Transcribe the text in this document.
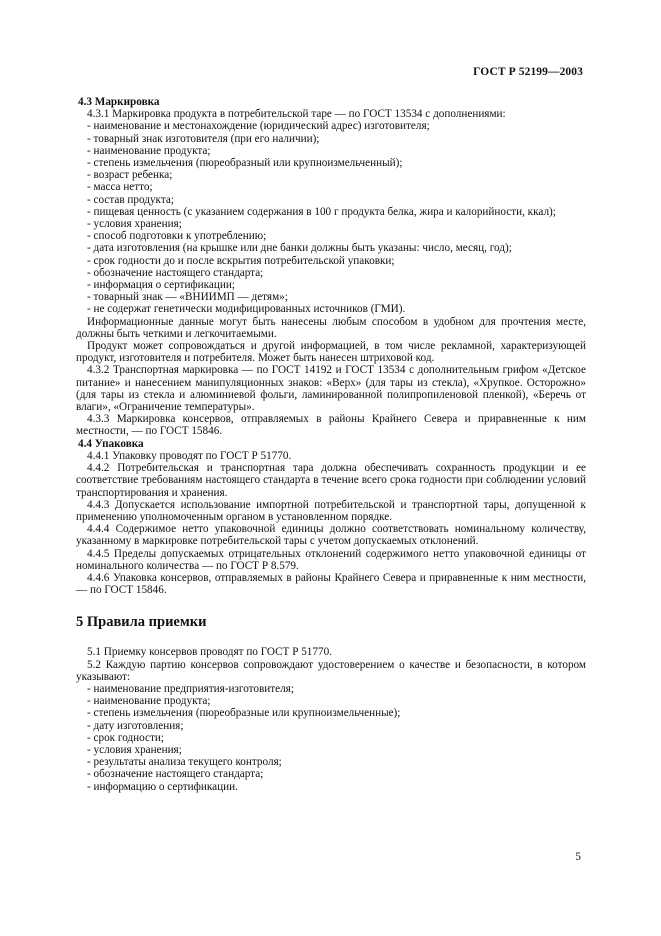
ГОСТ Р 52199—2003
4.3 Маркировка

4.3.1 Маркировка продукта в потребительской таре — по ГОСТ 13534 с дополнениями:

- наименование и местонахождение (юридический адрес) изготовителя;

- товарный знак изготовителя (при его наличии);

- наименование продукта;

- степень измельчения (пюреобразный или крупноизмельченный);

- возраст ребенка;

- масса нетто;

- состав продукта;

- пищевая ценность (с указанием содержания в 100 г продукта белка, жира и калорийности, ккал);

- условия хранения;

- способ подготовки к употреблению;

- дата изготовления (на крышке или дне банки должны быть указаны: число, месяц, год);

- срок годности до и после вскрытия потребительской упаковки;

- обозначение настоящего стандарта;

- информация о сертификации;

- товарный знак — «ВНИИМП — детям»;

- не содержат генетически модифицированных источников (ГМИ).

Информационные данные могут быть нанесены любым способом в удобном для прочтения месте, должны быть четкими и легкочитаемыми.

Продукт может сопровождаться и другой информацией, в том числе рекламной, характеризующей продукт, изготовителя и потребителя. Может быть нанесен штриховой код.

4.3.2 Транспортная маркировка — по ГОСТ 14192 и ГОСТ 13534 с дополнительным грифом «Детское питание» и нанесением манипуляционных знаков: «Верх» (для тары из стекла), «Хрупкое. Осторожно» (для тары из стекла и алюминиевой фольги, ламинированной полипропиленовой пленкой), «Беречь от влаги», «Ограничение температуры».

4.3.3 Маркировка консервов, отправляемых в районы Крайнего Севера и приравненные к ним местности, — по ГОСТ 15846.

4.4 Упаковка

4.4.1 Упаковку проводят по ГОСТ Р 51770.

4.4.2 Потребительская и транспортная тара должна обеспечивать сохранность продукции и ее соответствие требованиям настоящего стандарта в течение всего срока годности при соблюдении условий транспортирования и хранения.

4.4.3 Допускается использование импортной потребительской и транспортной тары, допущенной к применению уполномоченным органом в установленном порядке.

4.4.4 Содержимое нетто упаковочной единицы должно соответствовать номинальному количеству, указанному в маркировке потребительской тары с учетом допускаемых отклонений.

4.4.5 Пределы допускаемых отрицательных отклонений содержимого нетто упаковочной единицы от номинального количества — по ГОСТ Р 8.579.

4.4.6 Упаковка консервов, отправляемых в районы Крайнего Севера и приравненные к ним местности, — по ГОСТ 15846.

5 Правила приемки

5.1 Приемку консервов проводят по ГОСТ Р 51770.

5.2 Каждую партию консервов сопровождают удостоверением о качестве и безопасности, в котором указывают:

- наименование предприятия-изготовителя;

- наименование продукта;

- степень измельчения (пюреобразные или крупноизмельченные);

- дату изготовления;

- срок годности;

- условия хранения;

- результаты анализа текущего контроля;

- обозначение настоящего стандарта;

- информацию о сертификации.

5
